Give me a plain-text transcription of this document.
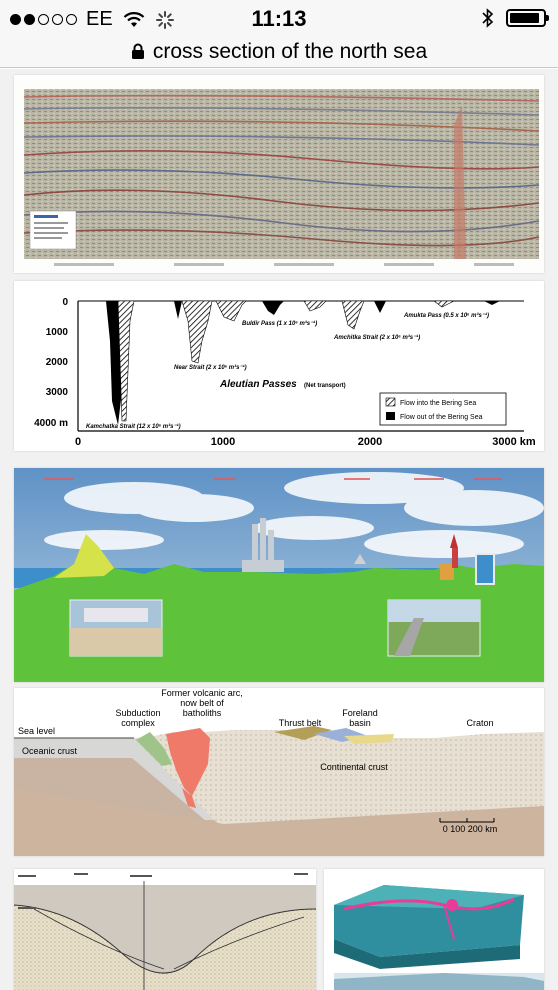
EE	11:13
cross section of the north sea
0
1000
2000
3000
4000 m
0	1000	2000	3000 km
Kamchatka Strait (12 x 10⁶ m³s⁻¹)
Near Strait (2 x 10⁶ m³s⁻¹)
Buldir Pass (1 x 10⁶ m³s⁻¹)
Amchitka Strait (2 x 10⁶ m³s⁻¹)
Amukta Pass (0.5 x 10⁶ m³s⁻¹)
Aleutian Passes (Net transport)
Flow into the Bering Sea
Flow out of the Bering Sea
Sea level
Oceanic crust
Subduction complex
Former volcanic arc, now belt of batholiths
Thrust belt
Foreland basin	Craton
Continental crust
0 100 200 km
